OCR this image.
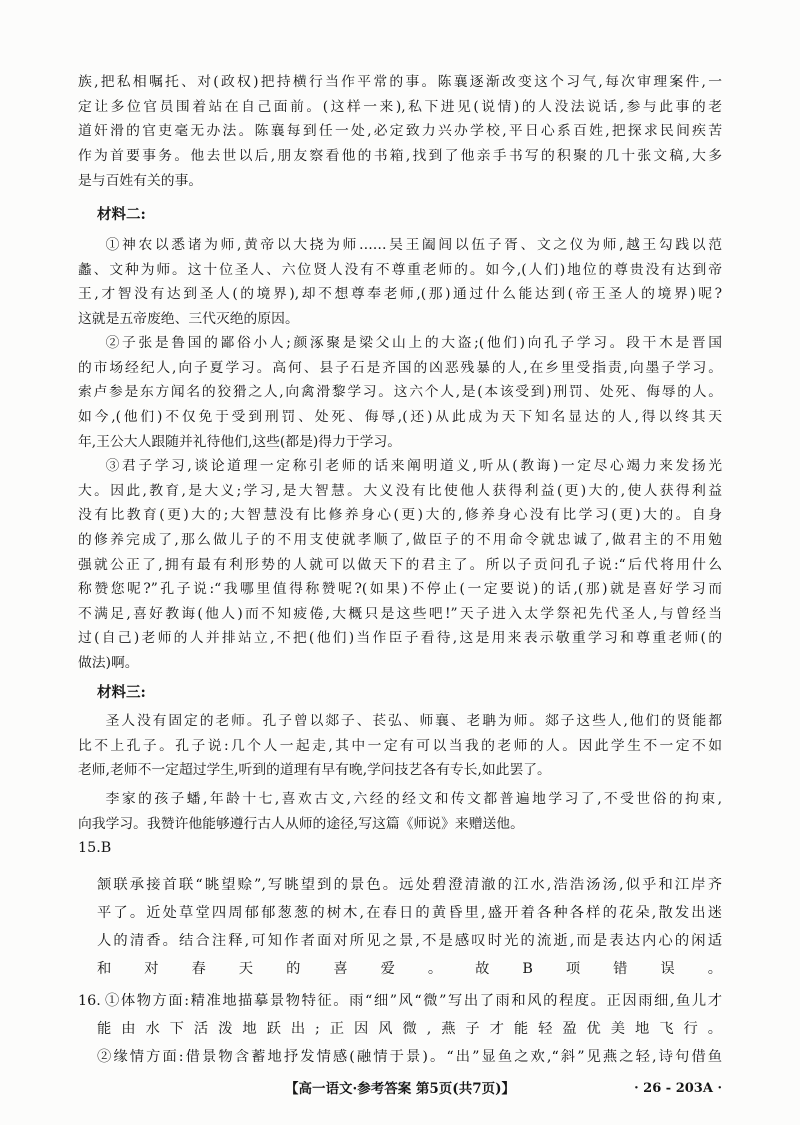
族,把私相嘱托、对(政权)把持横行当作平常的事。陈襄逐渐改变这个习气,每次审理案件,一
定让多位官员围着站在自己面前。(这样一来),私下进见(说情)的人没法说话,参与此事的老
道奸滑的官吏毫无办法。陈襄每到任一处,必定致力兴办学校,平日心系百姓,把探求民间疾苦
作为首要事务。他去世以后,朋友察看他的书箱,找到了他亲手书写的积聚的几十张文稿,大多
是与百姓有关的事。
材料二:
①神农以悉诸为师,黄帝以大挠为师……吴王阖闾以伍子胥、文之仪为师,越王勾践以范
蠡、文种为师。这十位圣人、六位贤人没有不尊重老师的。如今,(人们)地位的尊贵没有达到帝
王,才智没有达到圣人(的境界),却不想尊奉老师,(那)通过什么能达到(帝王圣人的境界)呢?
这就是五帝废绝、三代灭绝的原因。
②子张是鲁国的鄙俗小人;颜涿聚是梁父山上的大盗;(他们)向孔子学习。段干木是晋国
的市场经纪人,向子夏学习。高何、县子石是齐国的凶恶残暴的人,在乡里受指责,向墨子学习。
索卢参是东方闻名的狡猾之人,向禽滑黎学习。这六个人,是(本该受到)刑罚、处死、侮辱的人。
如今,(他们)不仅免于受到刑罚、处死、侮辱,(还)从此成为天下知名显达的人,得以终其天
年,王公大人跟随并礼待他们,这些(都是)得力于学习。
③君子学习,谈论道理一定称引老师的话来阐明道义,听从(教诲)一定尽心竭力来发扬光
大。因此,教育,是大义;学习,是大智慧。大义没有比使他人获得利益(更)大的,使人获得利益
没有比教育(更)大的;大智慧没有比修养身心(更)大的,修养身心没有比学习(更)大的。自身
的修养完成了,那么做儿子的不用支使就孝顺了,做臣子的不用命令就忠诚了,做君主的不用勉
强就公正了,拥有最有利形势的人就可以做天下的君主了。所以子贡问孔子说:“后代将用什么
称赞您呢?”孔子说:“我哪里值得称赞呢?(如果)不停止(一定要说)的话,(那)就是喜好学习而
不满足,喜好教诲(他人)而不知疲倦,大概只是这些吧!”天子进入太学祭祀先代圣人,与曾经当
过(自己)老师的人并排站立,不把(他们)当作臣子看待,这是用来表示敬重学习和尊重老师(的
做法)啊。
材料三:
圣人没有固定的老师。孔子曾以郯子、苌弘、师襄、老聃为师。郯子这些人,他们的贤能都
比不上孔子。孔子说:几个人一起走,其中一定有可以当我的老师的人。因此学生不一定不如
老师,老师不一定超过学生,听到的道理有早有晚,学问技艺各有专长,如此罢了。
李家的孩子蟠,年龄十七,喜欢古文,六经的经文和传文都普遍地学习了,不受世俗的拘束,
向我学习。我赞许他能够遵行古人从师的途径,写这篇《师说》来赠送他。
15.B
颔联承接首联“眺望赊”,写眺望到的景色。远处碧澄清澈的江水,浩浩汤汤,似乎和江岸齐
平了。近处草堂四周郁郁葱葱的树木,在春日的黄昏里,盛开着各种各样的花朵,散发出迷
人的清香。结合注释,可知作者面对所见之景,不是感叹时光的流逝,而是表达内心的闲适
和对春天的喜爱。故B项错误。
16. ①体物方面:精准地描摹景物特征。雨“细”风“微”写出了雨和风的程度。正因雨细,鱼儿才
能由水下活泼地跃出;正因风微,燕子才能轻盈优美地飞行。
②缘情方面:借景物含蓄地抒发情感(融情于景)。“出”显鱼之欢,“斜”见燕之轻,诗句借鱼
【高一语文·参考答案 第5页(共7页)】	· 26 - 203A ·
